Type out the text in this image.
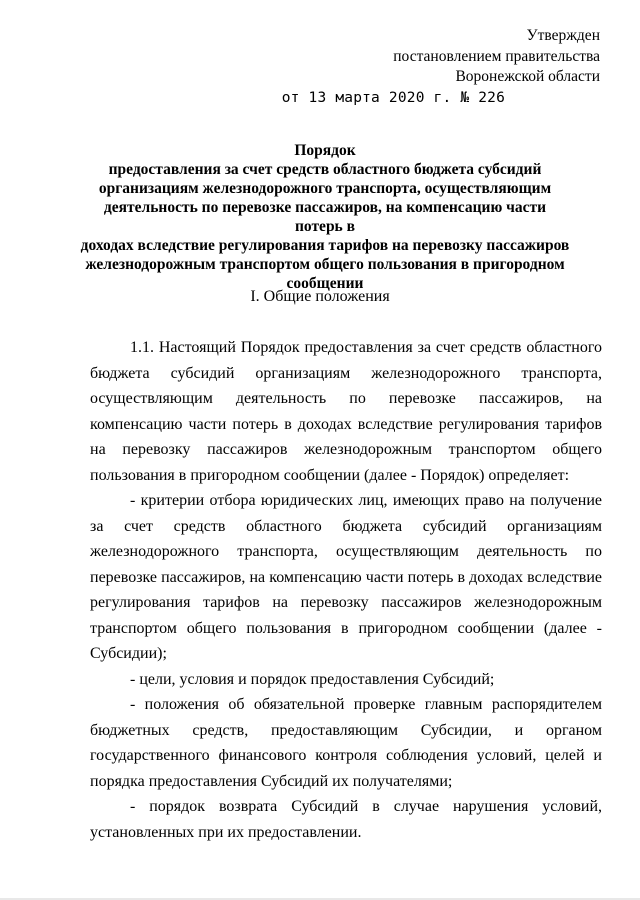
Утвержден
постановлением правительства
Воронежской области
от 13 марта 2020 г. № 226
Порядок
предоставления за счет средств областного бюджета субсидий
организациям железнодорожного транспорта, осуществляющим
деятельность по перевозке пассажиров, на компенсацию части потерь в
доходах вследствие регулирования тарифов на перевозку пассажиров
железнодорожным транспортом общего пользования в пригородном
сообщении
I. Общие положения

1.1. Настоящий Порядок предоставления за счет средств областного бюджета субсидий организациям железнодорожного транспорта, осуществляющим деятельность по перевозке пассажиров, на компенсацию части потерь в доходах вследствие регулирования тарифов на перевозку пассажиров железнодорожным транспортом общего пользования в пригородном сообщении (далее - Порядок) определяет:

- критерии отбора юридических лиц, имеющих право на получение за счет средств областного бюджета субсидий организациям железнодорожного транспорта, осуществляющим деятельность по перевозке пассажиров, на компенсацию части потерь в доходах вследствие регулирования тарифов на перевозку пассажиров железнодорожным транспортом общего пользования в пригородном сообщении (далее - Субсидии);

- цели, условия и порядок предоставления Субсидий;

- положения об обязательной проверке главным распорядителем бюджетных средств, предоставляющим Субсидии, и органом государственного финансового контроля соблюдения условий, целей и порядка предоставления Субсидий их получателями;

- порядок возврата Субсидий в случае нарушения условий, установленных при их предоставлении.
